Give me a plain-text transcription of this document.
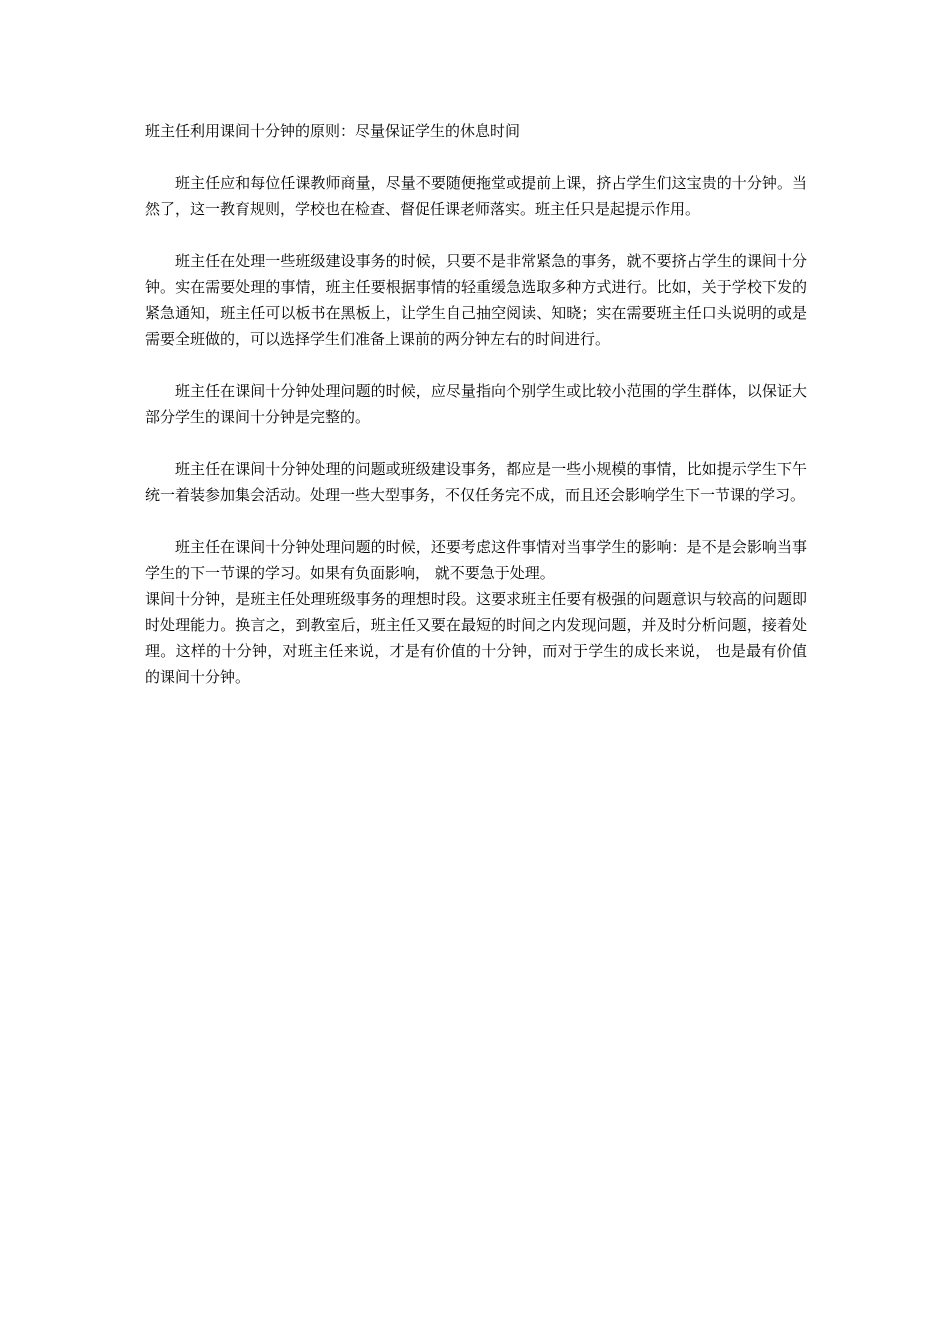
班主任利用课间十分钟的原则：尽量保证学生的休息时间

班主任应和每位任课教师商量，尽量不要随便拖堂或提前上课，挤占学生们这宝贵的十分钟。当然了，这一教育规则，学校也在检查、督促任课老师落实。班主任只是起提示作用。

班主任在处理一些班级建设事务的时候，只要不是非常紧急的事务，就不要挤占学生的课间十分钟。实在需要处理的事情，班主任要根据事情的轻重缓急选取多种方式进行。比如，关于学校下发的紧急通知，班主任可以板书在黑板上，让学生自己抽空阅读、知晓；实在需要班主任口头说明的或是需要全班做的，可以选择学生们准备上课前的两分钟左右的时间进行。

班主任在课间十分钟处理问题的时候，应尽量指向个别学生或比较小范围的学生群体，以保证大部分学生的课间十分钟是完整的。

班主任在课间十分钟处理的问题或班级建设事务，都应是一些小规模的事情，比如提示学生下午统一着装参加集会活动。处理一些大型事务，不仅任务完不成，而且还会影响学生下一节课的学习。

班主任在课间十分钟处理问题的时候，还要考虑这件事情对当事学生的影响：是不是会影响当事学生的下一节课的学习。如果有负面影响， 就不要急于处理。

课间十分钟，是班主任处理班级事务的理想时段。这要求班主任要有极强的问题意识与较高的问题即时处理能力。换言之，到教室后，班主任又要在最短的时间之内发现问题，并及时分析问题，接着处理。这样的十分钟，对班主任来说，才是有价值的十分钟，而对于学生的成长来说， 也是最有价值的课间十分钟。
